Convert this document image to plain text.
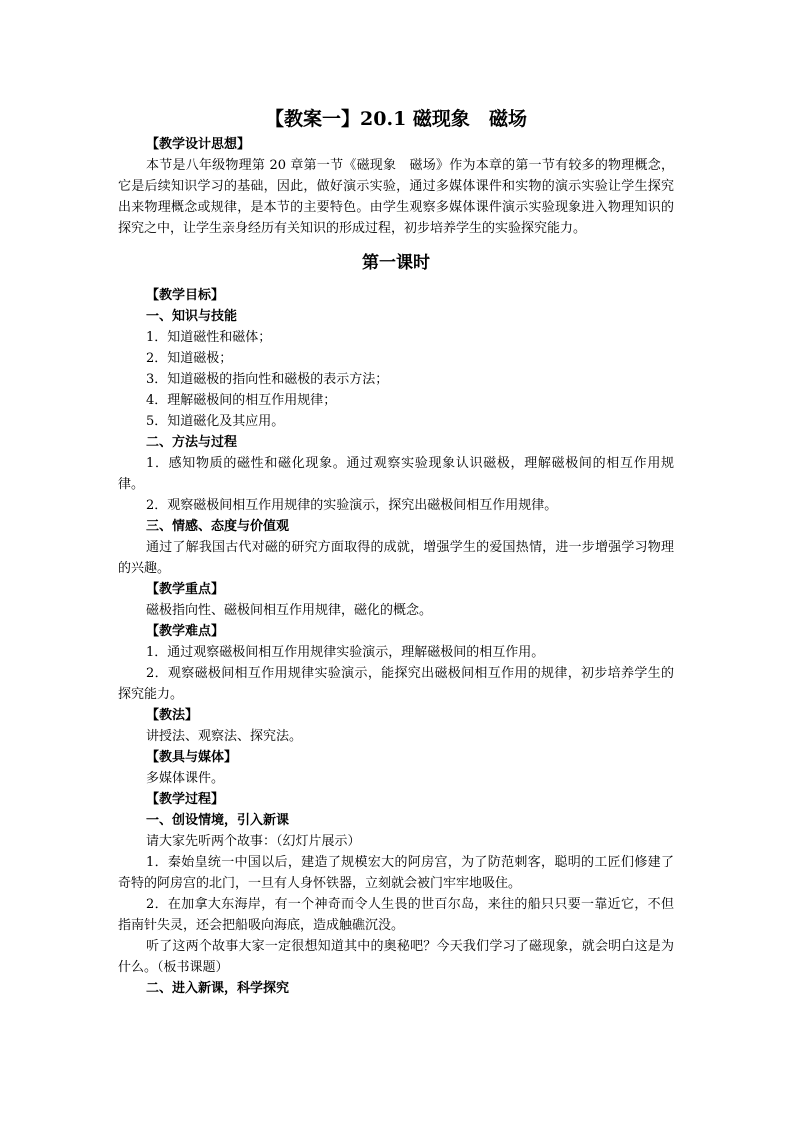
【教案一】20.1 磁现象　磁场

【教学设计思想】

本节是八年级物理第 20 章第一节《磁现象　磁场》作为本章的第一节有较多的物理概念，它是后续知识学习的基础，因此，做好演示实验，通过多媒体课件和实物的演示实验让学生探究出来物理概念或规律，是本节的主要特色。由学生观察多媒体课件演示实验现象进入物理知识的探究之中，让学生亲身经历有关知识的形成过程，初步培养学生的实验探究能力。

第一课时

【教学目标】

一、知识与技能

1．知道磁性和磁体；

2．知道磁极；

3．知道磁极的指向性和磁极的表示方法；

4．理解磁极间的相互作用规律；

5．知道磁化及其应用。

二、方法与过程

1．感知物质的磁性和磁化现象。通过观察实验现象认识磁极，理解磁极间的相互作用规律。

2．观察磁极间相互作用规律的实验演示，探究出磁极间相互作用规律。

三、情感、态度与价值观

通过了解我国古代对磁的研究方面取得的成就，增强学生的爱国热情，进一步增强学习物理的兴趣。

【教学重点】

磁极指向性、磁极间相互作用规律，磁化的概念。

【教学难点】

1．通过观察磁极间相互作用规律实验演示，理解磁极间的相互作用。

2．观察磁极间相互作用规律实验演示，能探究出磁极间相互作用的规律，初步培养学生的探究能力。

【教法】

讲授法、观察法、探究法。

【教具与媒体】

多媒体课件。

【教学过程】

一、创设情境，引入新课

请大家先听两个故事：（幻灯片展示）

1．秦始皇统一中国以后，建造了规模宏大的阿房宫，为了防范刺客，聪明的工匠们修建了奇特的阿房宫的北门，一旦有人身怀铁器，立刻就会被门牢牢地吸住。

2．在加拿大东海岸，有一个神奇而令人生畏的世百尔岛，来往的船只只要一靠近它，不但指南针失灵，还会把船吸向海底，造成触礁沉没。

听了这两个故事大家一定很想知道其中的奥秘吧？今天我们学习了磁现象，就会明白这是为什么。（板书课题）

二、进入新课，科学探究
